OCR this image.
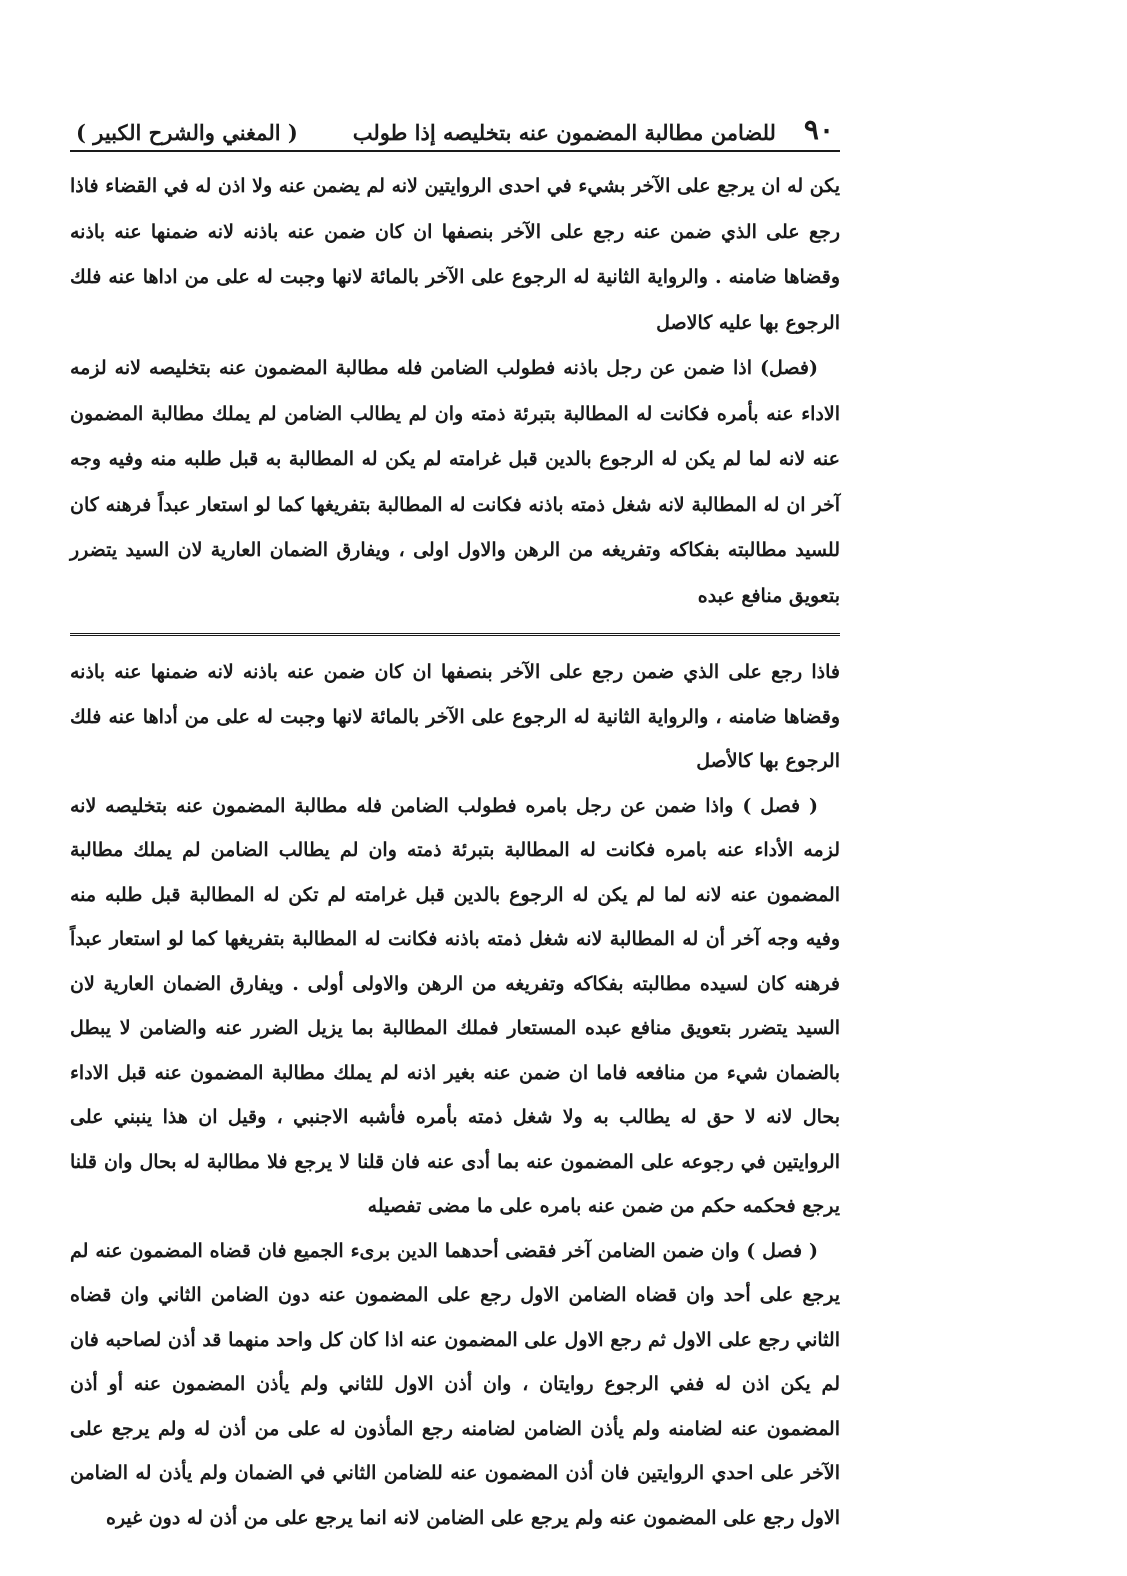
٩٠
للضامن مطالبة المضمون عنه بتخليصه إذا طولب
( المغني والشرح الكبير )

يكن له ان يرجع على الآخر بشيء في احدى الروايتين لانه لم يضمن عنه ولا اذن له في القضاء فاذا رجع على الذي ضمن عنه رجع على الآخر بنصفها ان كان ضمن عنه باذنه لانه ضمنها عنه باذنه وقضاها ضامنه . والرواية الثانية له الرجوع على الآخر بالمائة لانها وجبت له على من اداها عنه فلك الرجوع بها عليه كالاصل

(فصل) اذا ضمن عن رجل باذنه فطولب الضامن فله مطالبة المضمون عنه بتخليصه لانه لزمه الاداء عنه بأمره فكانت له المطالبة بتبرئة ذمته وان لم يطالب الضامن لم يملك مطالبة المضمون عنه لانه لما لم يكن له الرجوع بالدين قبل غرامته لم يكن له المطالبة به قبل طلبه منه وفيه وجه آخر ان له المطالبة لانه شغل ذمته باذنه فكانت له المطالبة بتفريغها كما لو استعار عبداً فرهنه كان للسيد مطالبته بفكاكه وتفريغه من الرهن والاول اولى ، ويفارق الضمان العارية لان السيد يتضرر بتعويق منافع عبده

فاذا رجع على الذي ضمن رجع على الآخر بنصفها ان كان ضمن عنه باذنه لانه ضمنها عنه باذنه وقضاها ضامنه ، والرواية الثانية له الرجوع على الآخر بالمائة لانها وجبت له على من أداها عنه فلك الرجوع بها كالأصل

( فصل ) واذا ضمن عن رجل بامره فطولب الضامن فله مطالبة المضمون عنه بتخليصه لانه لزمه الأداء عنه بامره فكانت له المطالبة بتبرئة ذمته وان لم يطالب الضامن لم يملك مطالبة المضمون عنه لانه لما لم يكن له الرجوع بالدين قبل غرامته لم تكن له المطالبة قبل طلبه منه وفيه وجه آخر أن له المطالبة لانه شغل ذمته باذنه فكانت له المطالبة بتفريغها كما لو استعار عبداً فرهنه كان لسيده مطالبته بفكاكه وتفريغه من الرهن والاولى أولى . ويفارق الضمان العارية لان السيد يتضرر بتعويق منافع عبده المستعار فملك المطالبة بما يزيل الضرر عنه والضامن لا يبطل بالضمان شيء من منافعه فاما ان ضمن عنه بغير اذنه لم يملك مطالبة المضمون عنه قبل الاداء بحال لانه لا حق له يطالب به ولا شغل ذمته بأمره فأشبه الاجنبي ، وقيل ان هذا ينبني على الروايتين في رجوعه على المضمون عنه بما أدى عنه فان قلنا لا يرجع فلا مطالبة له بحال وان قلنا يرجع فحكمه حكم من ضمن عنه بامره على ما مضى تفصيله

( فصل ) وان ضمن الضامن آخر فقضى أحدهما الدين برىء الجميع فان قضاه المضمون عنه لم يرجع على أحد وان قضاه الضامن الاول رجع على المضمون عنه دون الضامن الثاني وان قضاه الثاني رجع على الاول ثم رجع الاول على المضمون عنه اذا كان كل واحد منهما قد أذن لصاحبه فان لم يكن اذن له ففي الرجوع روايتان ، وان أذن الاول للثاني ولم يأذن المضمون عنه أو أذن المضمون عنه لضامنه ولم يأذن الضامن لضامنه رجع المأذون له على من أذن له ولم يرجع على الآخر على احدي الروايتين فان أذن المضمون عنه للضامن الثاني في الضمان ولم يأذن له الضامن الاول رجع على المضمون عنه ولم يرجع على الضامن لانه انما يرجع على من أذن له دون غيره
